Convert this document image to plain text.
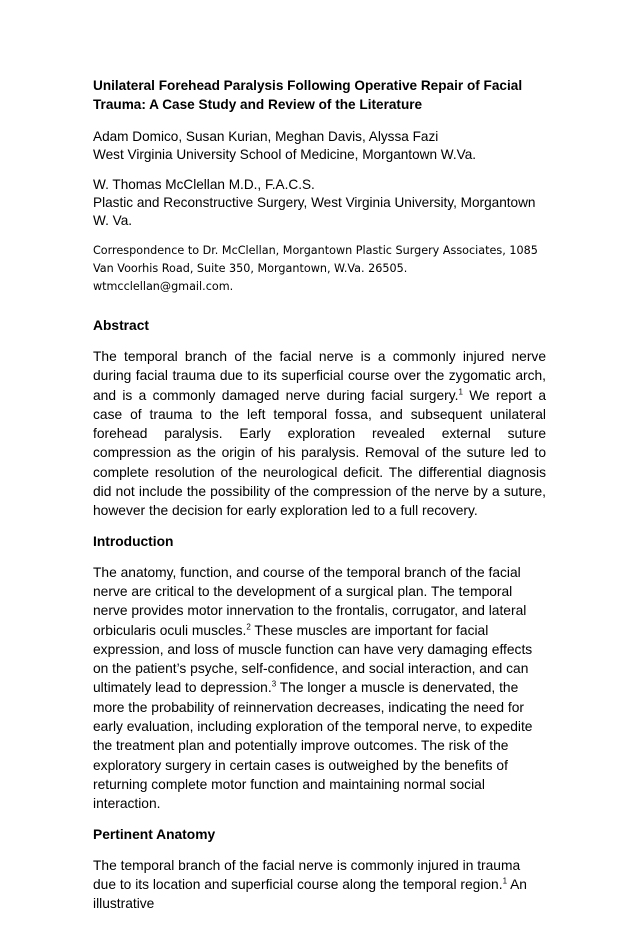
Unilateral Forehead Paralysis Following Operative Repair of Facial Trauma: A Case Study and Review of the Literature
Adam Domico, Susan Kurian, Meghan Davis, Alyssa Fazi
West Virginia University School of Medicine, Morgantown W.Va.
W. Thomas McClellan M.D., F.A.C.S.
Plastic and Reconstructive Surgery, West Virginia University, Morgantown W. Va.
Correspondence to Dr. McClellan, Morgantown Plastic Surgery Associates, 1085 Van Voorhis Road, Suite 350, Morgantown, W.Va. 26505. wtmcclellan@gmail.com.
Abstract

The temporal branch of the facial nerve is a commonly injured nerve during facial trauma due to its superficial course over the zygomatic arch, and is a commonly damaged nerve during facial surgery.$^1$ We report a case of trauma to the left temporal fossa, and subsequent unilateral forehead paralysis. Early exploration revealed external suture compression as the origin of his paralysis. Removal of the suture led to complete resolution of the neurological deficit. The differential diagnosis did not include the possibility of the compression of the nerve by a suture, however the decision for early exploration led to a full recovery.

Introduction

The anatomy, function, and course of the temporal branch of the facial nerve are critical to the development of a surgical plan. The temporal nerve provides motor innervation to the frontalis, corrugator, and lateral orbicularis oculi muscles.$^2$ These muscles are important for facial expression, and loss of muscle function can have very damaging effects on the patient’s psyche, self-confidence, and social interaction, and can ultimately lead to depression.$^3$ The longer a muscle is denervated, the more the probability of reinnervation decreases, indicating the need for early evaluation, including exploration of the temporal nerve, to expedite the treatment plan and potentially improve outcomes. The risk of the exploratory surgery in certain cases is outweighed by the benefits of returning complete motor function and maintaining normal social interaction.

Pertinent Anatomy

The temporal branch of the facial nerve is commonly injured in trauma due to its location and superficial course along the temporal region.$^1$ An illustrative
